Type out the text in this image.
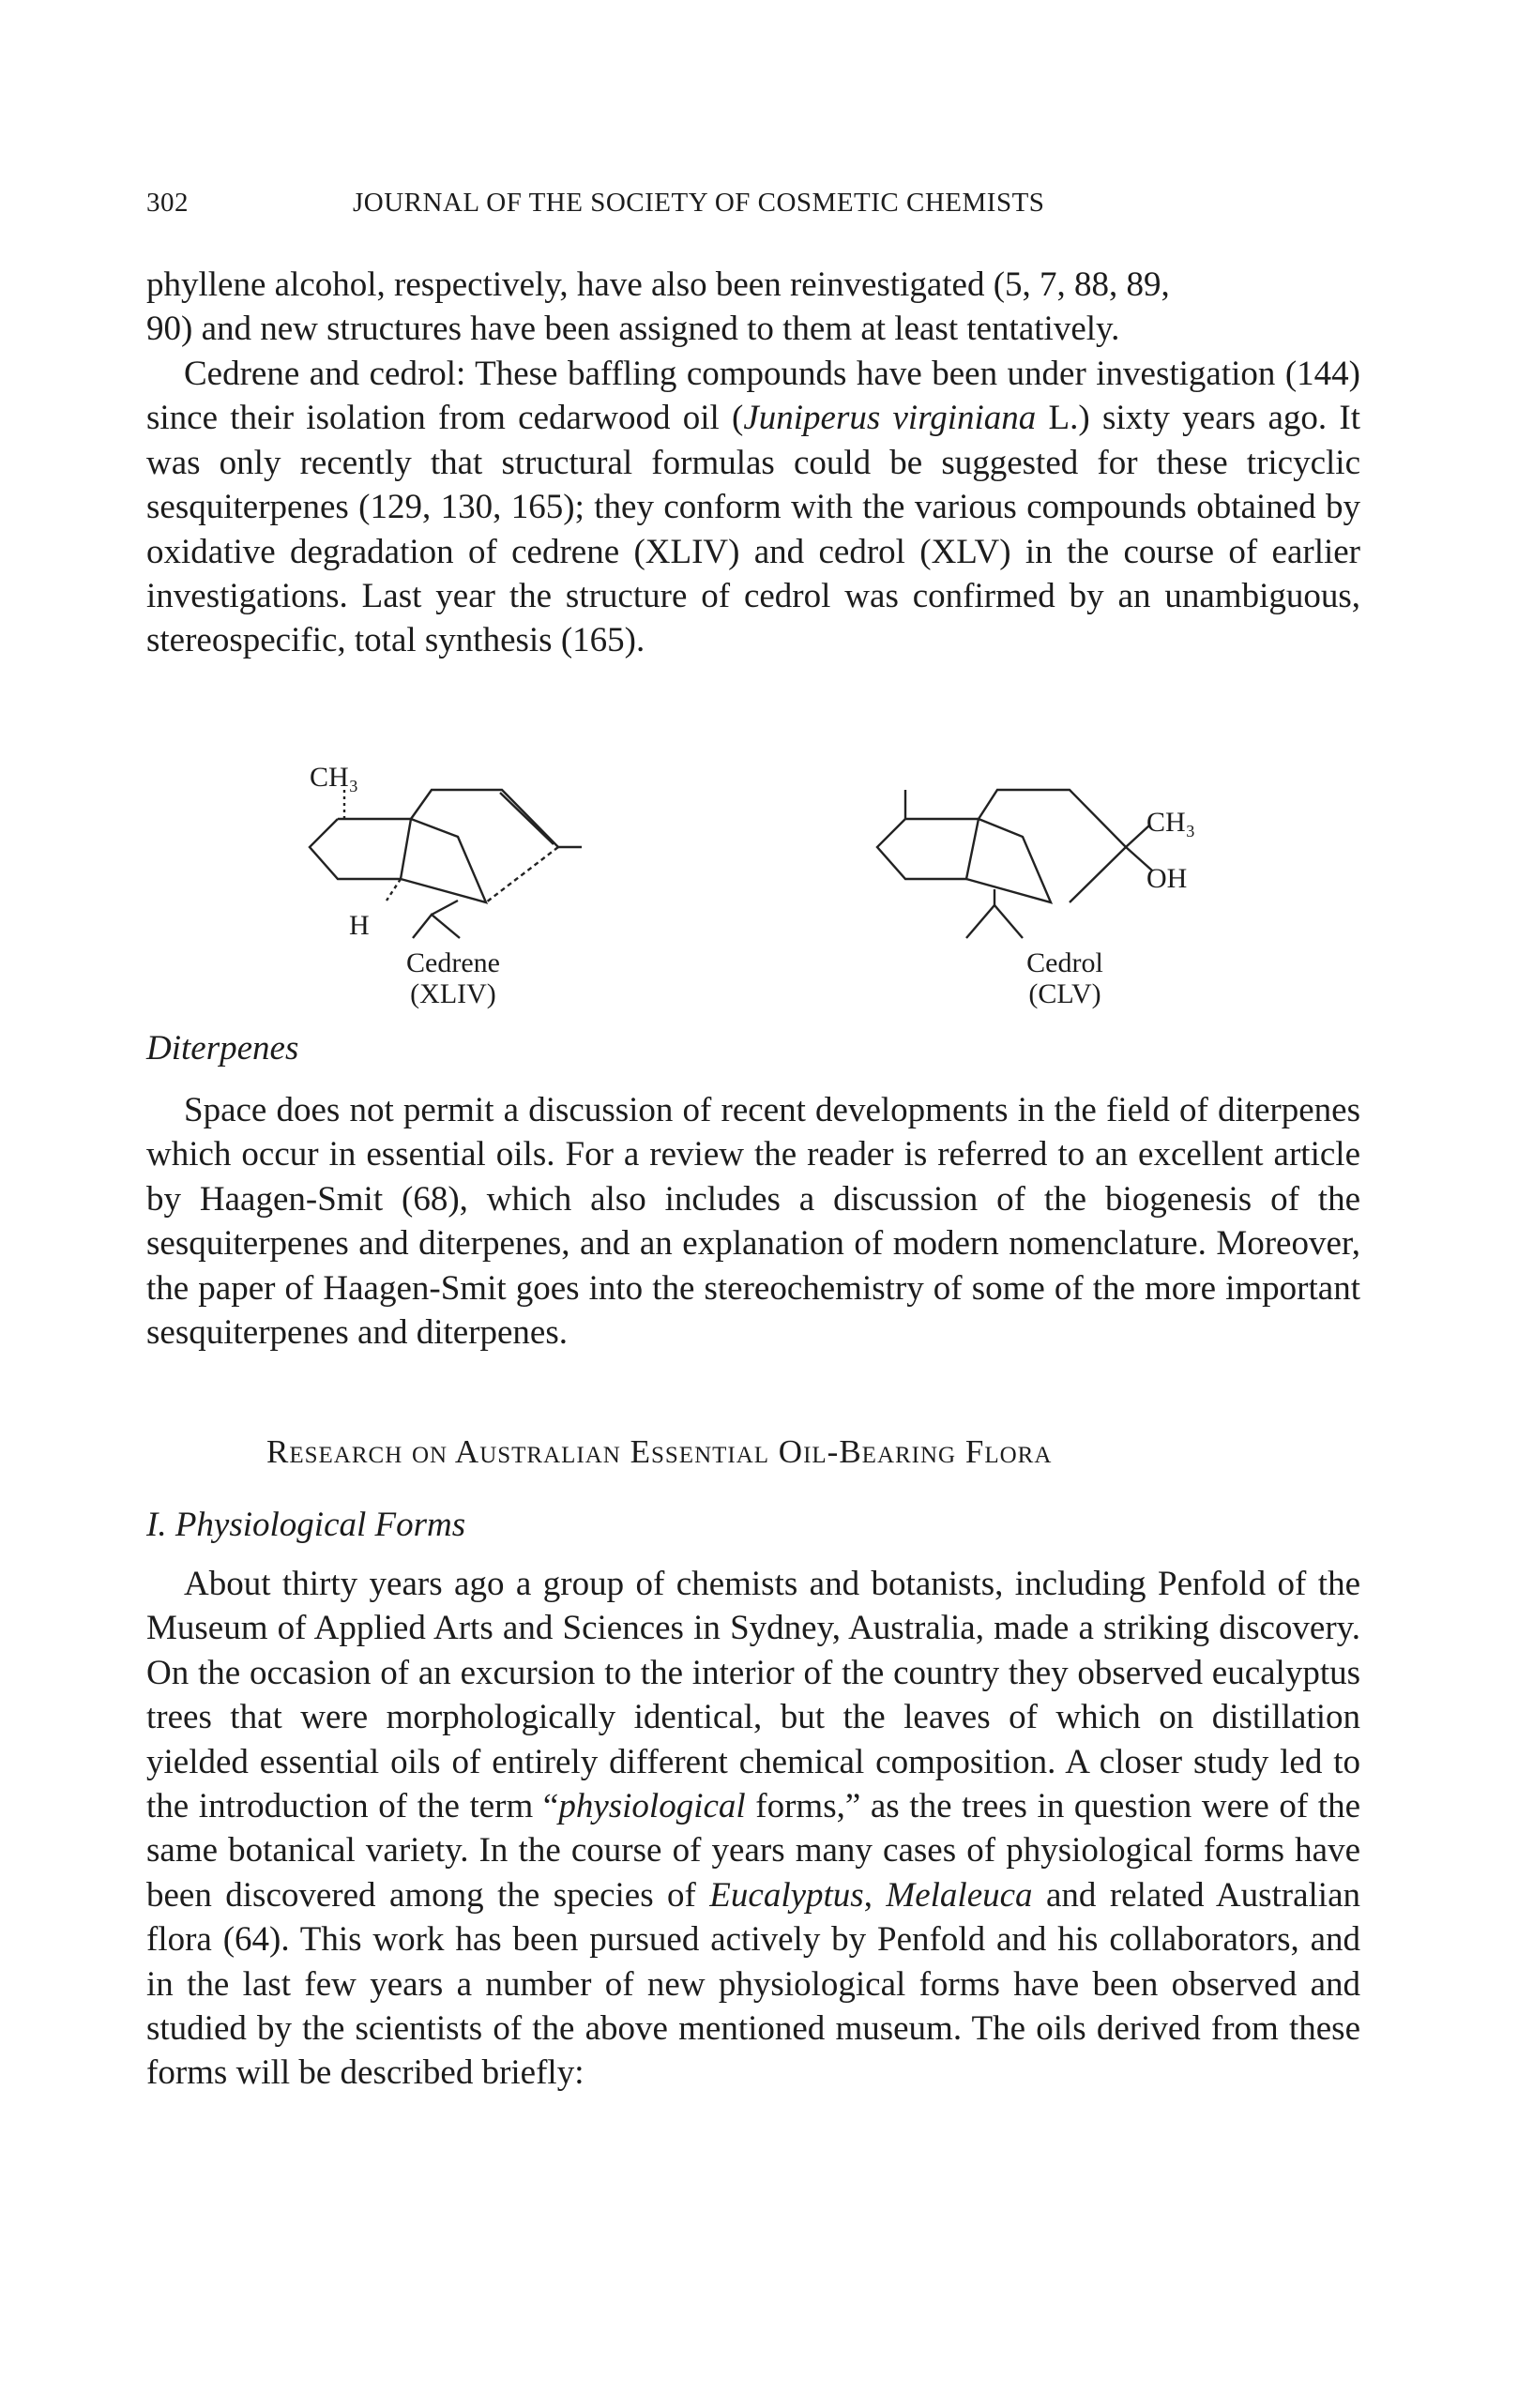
302	JOURNAL OF THE SOCIETY OF COSMETIC CHEMISTS

phyllene alcohol, respectively, have also been reinvestigated (5, 7, 88, 89,

90) and new structures have been assigned to them at least tentatively.

Cedrene and cedrol: These baffling compounds have been under investigation (144) since their isolation from cedarwood oil (Juniperus virginiana L.) sixty years ago. It was only recently that structural formulas could be suggested for these tricyclic sesquiterpenes (129, 130, 165); they conform with the various compounds obtained by oxidative degradation of cedrene (XLIV) and cedrol (XLV) in the course of earlier investigations. Last year the structure of cedrol was confirmed by an unambiguous, stereospecific, total synthesis (165).

CH₃
H
Cedrene
(XLIV)
CH₃
OH
Cedrol
(CLV)
Diterpenes

Space does not permit a discussion of recent developments in the field of diterpenes which occur in essential oils. For a review the reader is referred to an excellent article by Haagen-Smit (68), which also includes a discussion of the biogenesis of the sesquiterpenes and diterpenes, and an explanation of modern nomenclature. Moreover, the paper of Haagen-Smit goes into the stereochemistry of some of the more important sesquiterpenes and diterpenes.

Research on Australian Essential Oil-Bearing Flora
I. Physiological Forms

About thirty years ago a group of chemists and botanists, including Penfold of the Museum of Applied Arts and Sciences in Sydney, Australia, made a striking discovery. On the occasion of an excursion to the interior of the country they observed eucalyptus trees that were morphologically identical, but the leaves of which on distillation yielded essential oils of entirely different chemical composition. A closer study led to the introduction of the term “physiological forms,” as the trees in question were of the same botanical variety. In the course of years many cases of physiological forms have been discovered among the species of Eucalyptus, Melaleuca and related Australian flora (64). This work has been pursued actively by Penfold and his collaborators, and in the last few years a number of new physiological forms have been observed and studied by the scientists of the above mentioned museum. The oils derived from these forms will be described briefly:
